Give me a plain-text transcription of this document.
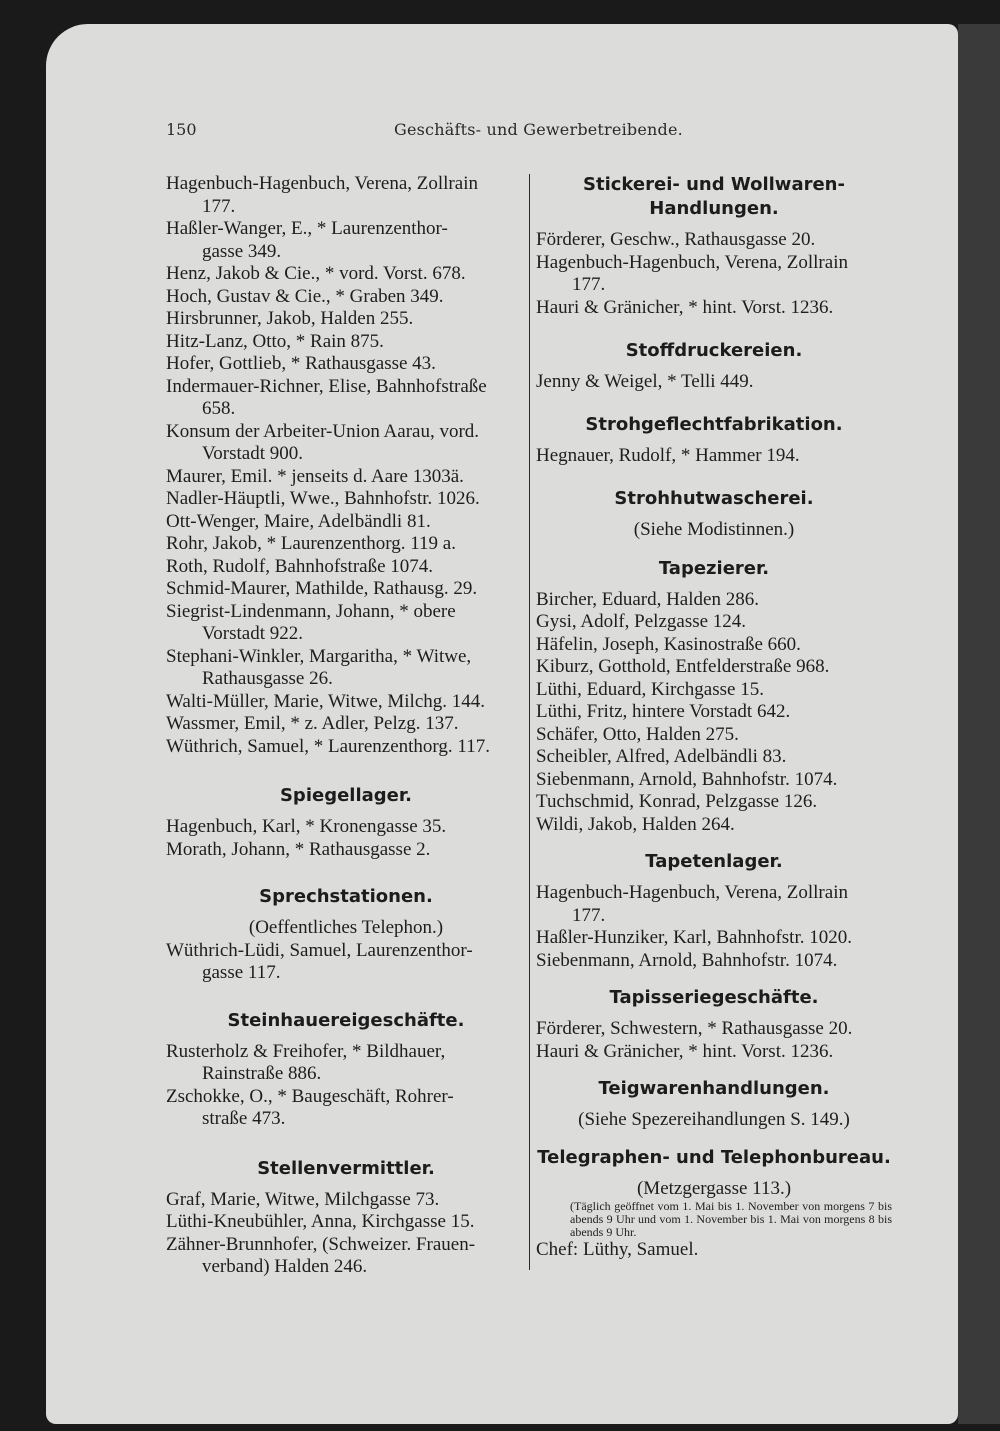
150	Geschäfts- und Gewerbetreibende.
Hagenbuch-Hagenbuch, Verena, Zollrain
177.
Haßler-Wanger, E., * Laurenzenthor-
gasse 349.
Henz, Jakob & Cie., * vord. Vorst. 678.
Hoch, Gustav & Cie., * Graben 349.
Hirsbrunner, Jakob, Halden 255.
Hitz-Lanz, Otto, * Rain 875.
Hofer, Gottlieb, * Rathausgasse 43.
Indermauer-Richner, Elise, Bahnhofstraße
658.
Konsum der Arbeiter-Union Aarau, vord.
Vorstadt 900.
Maurer, Emil. * jenseits d. Aare 1303ä.
Nadler-Häuptli, Wwe., Bahnhofstr. 1026.
Ott-Wenger, Maire, Adelbändli 81.
Rohr, Jakob, * Laurenzenthorg. 119 a.
Roth, Rudolf, Bahnhofstraße 1074.
Schmid-Maurer, Mathilde, Rathausg. 29.
Siegrist-Lindenmann, Johann, * obere
Vorstadt 922.
Stephani-Winkler, Margaritha, * Witwe,
Rathausgasse 26.
Walti-Müller, Marie, Witwe, Milchg. 144.
Wassmer, Emil, * z. Adler, Pelzg. 137.
Wüthrich, Samuel, * Laurenzenthorg. 117.
Spiegellager.
Hagenbuch, Karl, * Kronengasse 35.
Morath, Johann, * Rathausgasse 2.
Sprechstationen.
(Oeffentliches Telephon.)
Wüthrich-Lüdi, Samuel, Laurenzenthor-
gasse 117.
Steinhauereigeschäfte.
Rusterholz & Freihofer, * Bildhauer,
Rainstraße 886.
Zschokke, O., * Baugeschäft, Rohrer-
straße 473.
Stellenvermittler.
Graf, Marie, Witwe, Milchgasse 73.
Lüthi-Kneubühler, Anna, Kirchgasse 15.
Zähner-Brunnhofer, (Schweizer. Frauen-
verband) Halden 246.
Stickerei- und Wollwaren-
Handlungen.
Förderer, Geschw., Rathausgasse 20.
Hagenbuch-Hagenbuch, Verena, Zollrain
177.
Hauri & Gränicher, * hint. Vorst. 1236.
Stoffdruckereien.
Jenny & Weigel, * Telli 449.
Strohgeflechtfabrikation.
Hegnauer, Rudolf, * Hammer 194.
Strohhutwascherei.
(Siehe Modistinnen.)
Tapezierer.
Bircher, Eduard, Halden 286.
Gysi, Adolf, Pelzgasse 124.
Häfelin, Joseph, Kasinostraße 660.
Kiburz, Gotthold, Entfelderstraße 968.
Lüthi, Eduard, Kirchgasse 15.
Lüthi, Fritz, hintere Vorstadt 642.
Schäfer, Otto, Halden 275.
Scheibler, Alfred, Adelbändli 83.
Siebenmann, Arnold, Bahnhofstr. 1074.
Tuchschmid, Konrad, Pelzgasse 126.
Wildi, Jakob, Halden 264.
Tapetenlager.
Hagenbuch-Hagenbuch, Verena, Zollrain
177.
Haßler-Hunziker, Karl, Bahnhofstr. 1020.
Siebenmann, Arnold, Bahnhofstr. 1074.
Tapisseriegeschäfte.
Förderer, Schwestern, * Rathausgasse 20.
Hauri & Gränicher, * hint. Vorst. 1236.
Teigwarenhandlungen.
(Siehe Spezereihandlungen S. 149.)
Telegraphen- und Telephonbureau.
(Metzgergasse 113.)
(Täglich geöffnet vom 1. Mai bis 1. November von morgens 7 bis abends 9 Uhr und vom 1. November bis 1. Mai von morgens 8 bis abends 9 Uhr.
Chef: Lüthy, Samuel.
